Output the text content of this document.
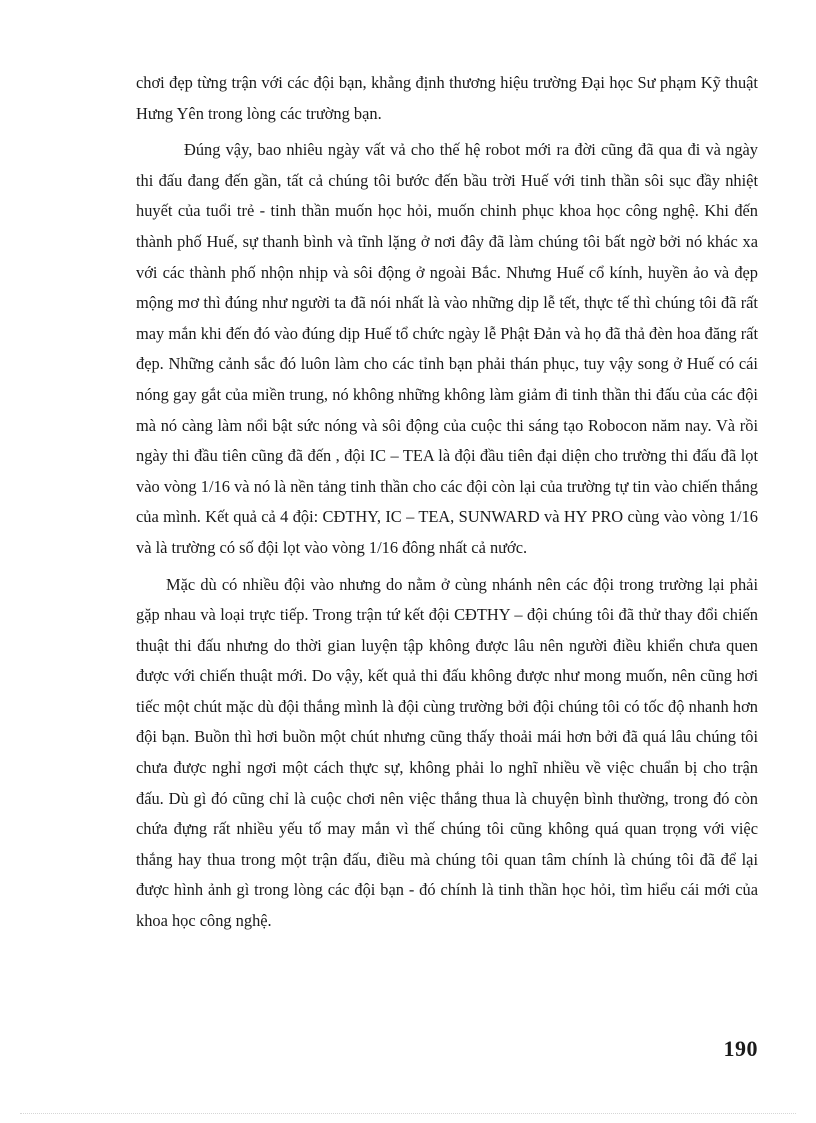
chơi đẹp từng trận với các đội bạn, khẳng định thương hiệu trường Đại học Sư phạm Kỹ thuật Hưng Yên trong lòng các trường bạn.

Đúng vậy, bao nhiêu ngày vất vả cho thế hệ robot mới ra đời cũng đã qua đi và ngày thi đấu đang đến gần, tất cả chúng tôi bước đến bầu trời Huế với tinh thần sôi sục đầy nhiệt huyết của tuổi trẻ - tinh thần muốn học hỏi, muốn chinh phục khoa học công nghệ. Khi đến thành phố Huế, sự thanh bình và tĩnh lặng ở nơi đây đã làm chúng tôi bất ngờ bởi nó khác xa với các thành phố nhộn nhịp và sôi động ở ngoài Bắc. Nhưng Huế cổ kính, huyền ảo và đẹp mộng mơ thì đúng như người ta đã nói nhất là vào những dịp lễ tết, thực tế thì chúng tôi đã rất may mắn khi đến đó vào đúng dịp Huế tổ chức ngày lễ Phật Đản và họ đã thả đèn hoa đăng rất đẹp. Những cảnh sắc đó luôn làm cho các tỉnh bạn phải thán phục, tuy vậy song ở Huế có cái nóng gay gắt của miền trung, nó không những không làm giảm đi tinh thần thi đấu của các đội mà nó càng làm nổi bật sức nóng và sôi động của cuộc thi sáng tạo Robocon năm nay. Và rồi ngày thi đầu tiên cũng đã đến , đội IC – TEA là đội đầu tiên đại diện cho trường thi đấu đã lọt vào vòng 1/16 và nó là nền tảng tinh thần cho các đội còn lại của trường tự tin vào chiến thắng của mình. Kết quả cả 4 đội: CĐTHY, IC – TEA, SUNWARD và HY PRO cùng vào vòng 1/16 và là trường có số đội lọt vào vòng 1/16 đông nhất cả nước.

Mặc dù có nhiều đội vào nhưng do nằm ở cùng nhánh nên các đội trong trường lại phải gặp nhau và loại trực tiếp. Trong trận tứ kết đội CĐTHY – đội chúng tôi đã thử thay đổi chiến thuật thi đấu nhưng do thời gian luyện tập không được lâu nên người điều khiển chưa quen được với chiến thuật mới. Do vậy, kết quả thi đấu không được như mong muốn, nên cũng hơi tiếc một chút mặc dù đội thắng mình là đội cùng trường bởi đội chúng tôi có tốc độ nhanh hơn đội bạn. Buồn thì hơi buồn một chút nhưng cũng thấy thoải mái hơn bởi đã quá lâu chúng tôi chưa được nghỉ ngơi một cách thực sự, không phải lo nghĩ nhiều về việc chuẩn bị cho trận đấu. Dù gì đó cũng chỉ là cuộc chơi nên việc thắng thua là chuyện bình thường, trong đó còn chứa đựng rất nhiều yếu tố may mắn vì thế chúng tôi cũng không quá quan trọng với việc thắng hay thua trong một trận đấu, điều mà chúng tôi quan tâm chính là chúng tôi đã để lại được hình ảnh gì trong lòng các đội bạn - đó chính là tinh thần học hỏi, tìm hiểu cái mới của khoa học công nghệ.

190
